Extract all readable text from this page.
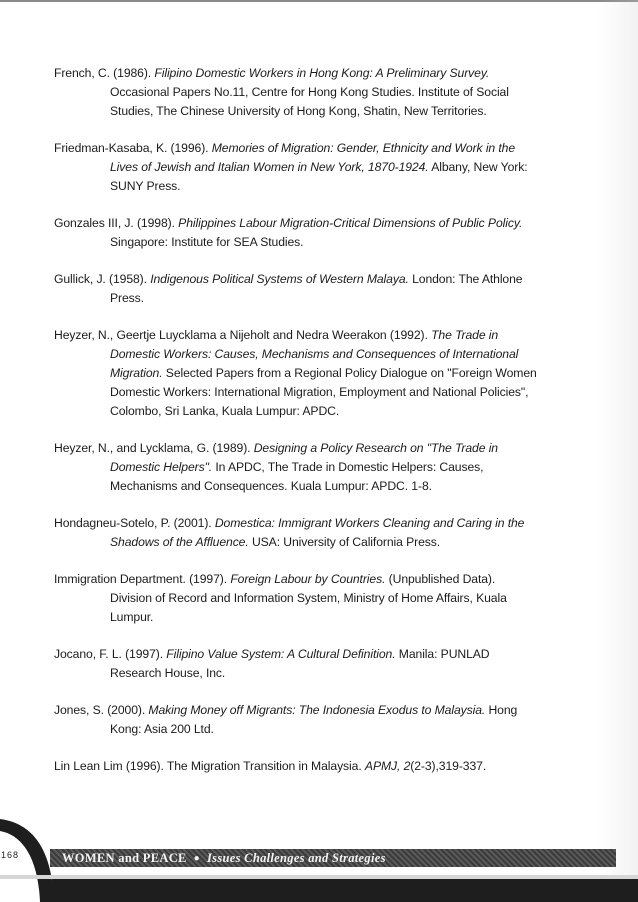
French, C. (1986). Filipino Domestic Workers in Hong Kong: A Preliminary Survey. Occasional Papers No.11, Centre for Hong Kong Studies. Institute of Social Studies, The Chinese University of Hong Kong, Shatin, New Territories.

Friedman-Kasaba, K. (1996). Memories of Migration: Gender, Ethnicity and Work in the Lives of Jewish and Italian Women in New York, 1870-1924. Albany, New York: SUNY Press.

Gonzales III, J. (1998). Philippines Labour Migration-Critical Dimensions of Public Policy. Singapore: Institute for SEA Studies.

Gullick, J. (1958). Indigenous Political Systems of Western Malaya. London: The Athlone Press.

Heyzer, N., Geertje Luycklama a Nijeholt and Nedra Weerakon (1992). The Trade in Domestic Workers: Causes, Mechanisms and Consequences of International Migration. Selected Papers from a Regional Policy Dialogue on "Foreign Women Domestic Workers: International Migration, Employment and National Policies", Colombo, Sri Lanka, Kuala Lumpur: APDC.

Heyzer, N., and Lycklama, G. (1989). Designing a Policy Research on "The Trade in Domestic Helpers". In APDC, The Trade in Domestic Helpers: Causes, Mechanisms and Consequences. Kuala Lumpur: APDC. 1-8.

Hondagneu-Sotelo, P. (2001). Domestica: Immigrant Workers Cleaning and Caring in the Shadows of the Affluence. USA: University of California Press.

Immigration Department. (1997). Foreign Labour by Countries. (Unpublished Data). Division of Record and Information System, Ministry of Home Affairs, Kuala Lumpur.

Jocano, F. L. (1997). Filipino Value System: A Cultural Definition. Manila: PUNLAD Research House, Inc.

Jones, S. (2000). Making Money off Migrants: The Indonesia Exodus to Malaysia. Hong Kong: Asia 200 Ltd.

Lin Lean Lim (1996). The Migration Transition in Malaysia. APMJ, 2(2-3),319-337.

168	WOMEN and PEACE ● Issues Challenges and Strategies
